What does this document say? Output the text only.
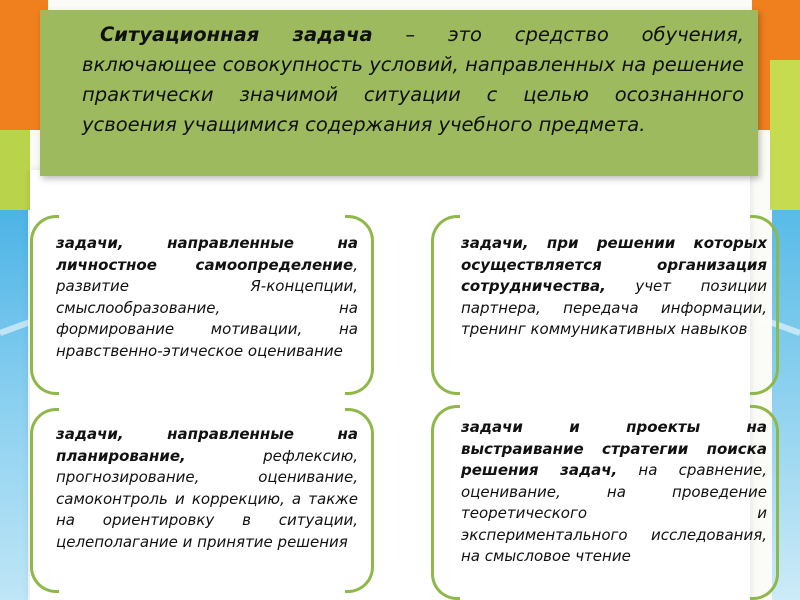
Ситуационная задача – это средство обучения, включающее совокупность условий, направленных на решение практически значимой ситуации с целью осознанного усвоения учащимися содержания учебного предмета.

задачи, направленные на личностное самоопределение, развитие Я-концепции, смыслообразование, на формирование мотивации, на нравственно-этическое оценивание

задачи, при решении которых осуществляется организация сотрудничества, учет позиции партнера, передача информации, тренинг коммуникативных навыков

задачи, направленные на планирование, рефлексию, прогнозирование, оценивание, самоконтроль и коррекцию, а также на ориентировку в ситуации, целеполагание и принятие решения

задачи и проекты на выстраивание стратегии поиска решения задач, на сравнение, оценивание, на проведение теоретического и экспериментального исследования, на смысловое чтение
